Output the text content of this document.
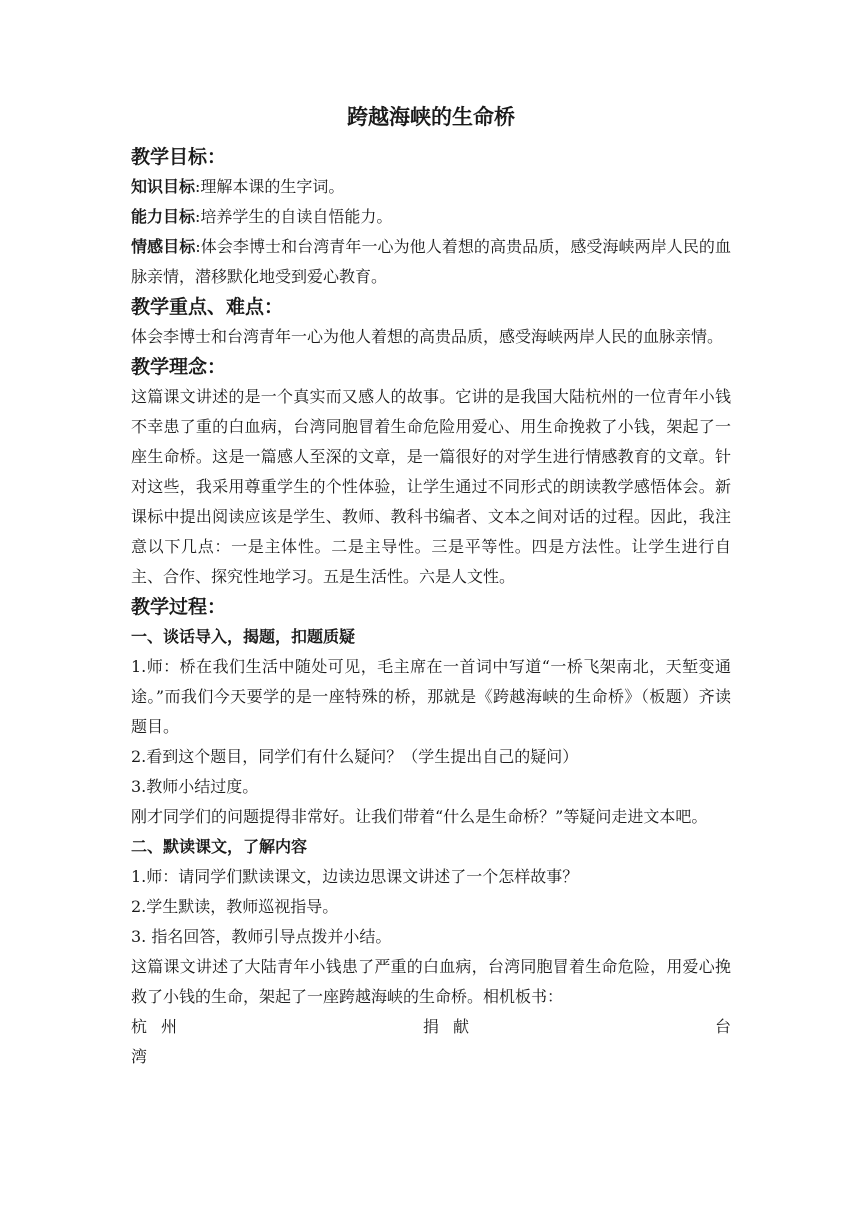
跨越海峡的生命桥
教学目标：

知识目标:理解本课的生字词。

能力目标:培养学生的自读自悟能力。

情感目标:体会李博士和台湾青年一心为他人着想的高贵品质，感受海峡两岸人民的血脉亲情，潜移默化地受到爱心教育。

教学重点、难点：

体会李博士和台湾青年一心为他人着想的高贵品质，感受海峡两岸人民的血脉亲情。

教学理念：

这篇课文讲述的是一个真实而又感人的故事。它讲的是我国大陆杭州的一位青年小钱不幸患了重的白血病，台湾同胞冒着生命危险用爱心、用生命挽救了小钱，架起了一座生命桥。这是一篇感人至深的文章，是一篇很好的对学生进行情感教育的文章。针对这些，我采用尊重学生的个性体验，让学生通过不同形式的朗读教学感悟体会。新课标中提出阅读应该是学生、教师、教科书编者、文本之间对话的过程。因此，我注意以下几点：一是主体性。二是主导性。三是平等性。四是方法性。让学生进行自主、合作、探究性地学习。五是生活性。六是人文性。

教学过程：
一、谈话导入，揭题，扣题质疑

1.师：桥在我们生活中随处可见，毛主席在一首词中写道“一桥飞架南北，天堑变通途。”而我们今天要学的是一座特殊的桥，那就是《跨越海峡的生命桥》（板题）齐读题目。

2.看到这个题目，同学们有什么疑问？（学生提出自己的疑问）

3.教师小结过度。

刚才同学们的问题提得非常好。让我们带着“什么是生命桥？”等疑问走进文本吧。

二、默读课文，了解内容

1.师：请同学们默读课文，边读边思课文讲述了一个怎样故事？

2.学生默读，教师巡视指导。

3. 指名回答，教师引导点拨并小结。

这篇课文讲述了大陆青年小钱患了严重的白血病，台湾同胞冒着生命危险，用爱心挽救了小钱的生命，架起了一座跨越海峡的生命桥。相机板书：

杭州	捐献	台

湾
